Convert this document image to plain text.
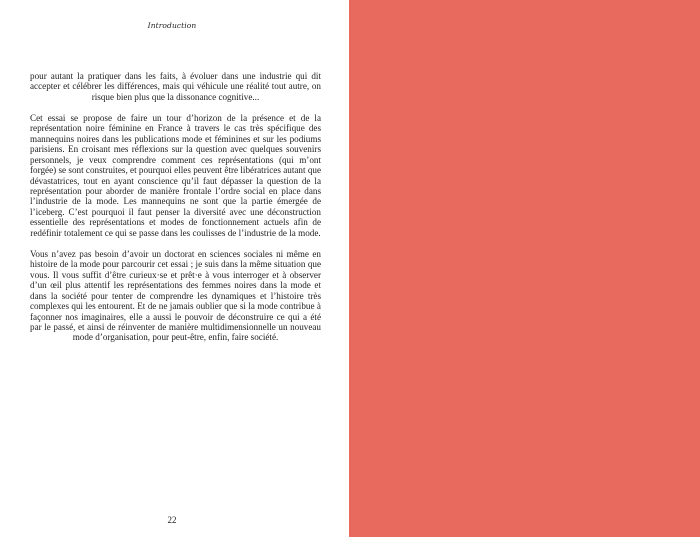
Introduction

pour autant la pratiquer dans les faits, à évoluer dans une industrie qui dit accepter et célébrer les différences, mais qui véhicule une réalité tout autre, on risque bien plus que la dissonance cognitive...

Cet essai se propose de faire un tour d’horizon de la présence et de la représentation noire féminine en France à travers le cas très spécifique des mannequins noires dans les publications mode et féminines et sur les podiums parisiens. En croisant mes réflexions sur la question avec quelques souvenirs personnels, je veux comprendre comment ces représentations (qui m’ont forgée) se sont construites, et pourquoi elles peuvent être libératrices autant que dévastatrices, tout en ayant conscience qu’il faut dépasser la question de la représentation pour aborder de manière frontale l’ordre social en place dans l’industrie de la mode. Les mannequins ne sont que la partie émergée de l’iceberg. C’est pourquoi il faut penser la diversité avec une déconstruction essentielle des représentations et modes de fonctionnement actuels afin de redéfinir totalement ce qui se passe dans les coulisses de l’industrie de la mode.

Vous n’avez pas besoin d’avoir un doctorat en sciences sociales ni même en histoire de la mode pour parcourir cet essai ; je suis dans la même situation que vous. Il vous suffit d’être curieux·se et prêt·e à vous interroger et à observer d’un œil plus attentif les représentations des femmes noires dans la mode et dans la société pour tenter de comprendre les dynamiques et l’histoire très complexes qui les entourent. Et de ne jamais oublier que si la mode contribue à façonner nos imaginaires, elle a aussi le pouvoir de déconstruire ce qui a été par le passé, et ainsi de réinventer de manière multidimensionnelle un nouveau mode d’organisation, pour peut-être, enfin, faire société.

22
